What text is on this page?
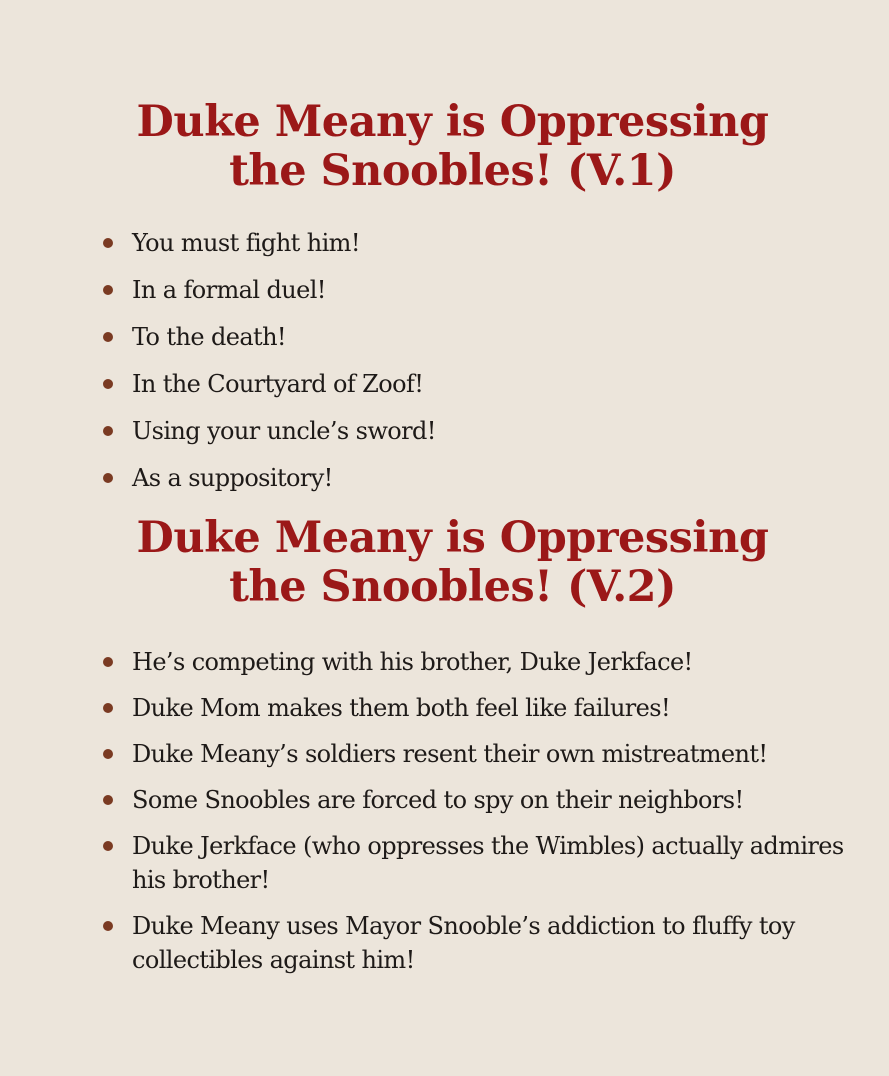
Duke Meany is Oppressing
the Snoobles! (V.1)
You must fight him!
In a formal duel!
To the death!
In the Courtyard of Zoof!
Using your uncle’s sword!
As a suppository!
Duke Meany is Oppressing
the Snoobles! (V.2)
He’s competing with his brother, Duke Jerkface!
Duke Mom makes them both feel like failures!
Duke Meany’s soldiers resent their own mistreatment!
Some Snoobles are forced to spy on their neighbors!
Duke Jerkface (who oppresses the Wimbles) actually admires his brother!
Duke Meany uses Mayor Snooble’s addiction to fluffy toy collectibles against him!
